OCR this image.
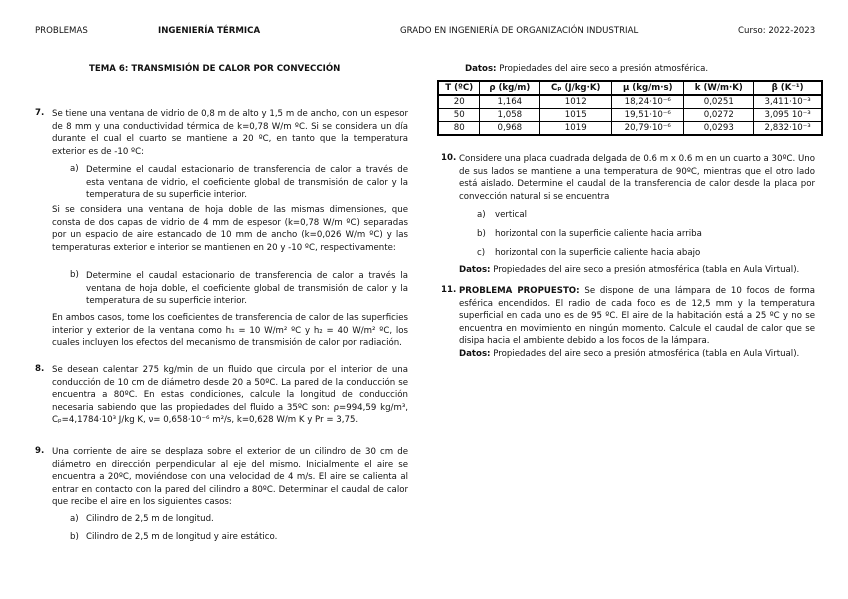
PROBLEMAS	INGENIERÍA TÉRMICA	GRADO EN INGENIERÍA DE ORGANIZACIÓN INDUSTRIAL	Curso: 2022-2023
TEMA 6: TRANSMISIÓN DE CALOR POR CONVECCIÓN
7. Se tiene una ventana de vidrio de 0,8 m de alto y 1,5 m de ancho, con un espesor de 8 mm y una conductividad térmica de k=0,78 W/m ºC. Si se considera un día durante el cual el cuarto se mantiene a 20 ºC, en tanto que la temperatura exterior es de -10 ºC:
a) Determine el caudal estacionario de transferencia de calor a través de esta ventana de vidrio, el coeficiente global de transmisión de calor y la temperatura de su superficie interior.
Si se considera una ventana de hoja doble de las mismas dimensiones, que consta de dos capas de vidrio de 4 mm de espesor (k=0,78 W/m ºC) separadas por un espacio de aire estancado de 10 mm de ancho (k=0,026 W/m ºC) y las temperaturas exterior e interior se mantienen en 20 y -10 ºC, respectivamente:
b) Determine el caudal estacionario de transferencia de calor a través la ventana de hoja doble, el coeficiente global de transmisión de calor y la temperatura de su superficie interior.
En ambos casos, tome los coeficientes de transferencia de calor de las superficies interior y exterior de la ventana como h₁ = 10 W/m² ºC y h₂ = 40 W/m² ºC, los cuales incluyen los efectos del mecanismo de transmisión de calor por radiación.
8. Se desean calentar 275 kg/min de un fluido que circula por el interior de una conducción de 10 cm de diámetro desde 20 a 50ºC. La pared de la conducción se encuentra a 80ºC. En estas condiciones, calcule la longitud de conducción necesaria sabiendo que las propiedades del fluido a 35ºC son: ρ=994,59 kg/m³, Cₚ=4,1784·10³ J/kg K, ν= 0,658·10⁻⁶ m²/s, k=0,628 W/m K y Pr = 3,75.
9. Una corriente de aire se desplaza sobre el exterior de un cilindro de 30 cm de diámetro en dirección perpendicular al eje del mismo. Inicialmente el aire se encuentra a 20ºC, moviéndose con una velocidad de 4 m/s. El aire se calienta al entrar en contacto con la pared del cilindro a 80ºC. Determinar el caudal de calor que recibe el aire en los siguientes casos:
a) Cilindro de 2,5 m de longitud.
b) Cilindro de 2,5 m de longitud y aire estático.
Datos: Propiedades del aire seco a presión atmosférica.
T (ºC)	ρ (kg/m)	Cₚ (J/kg·K)	μ (kg/m·s)	k (W/m·K)	β (K⁻¹)
20	1,164	1012	18,24·10⁻⁶	0,0251	3,411·10⁻³
50	1,058	1015	19,51·10⁻⁶	0,0272	3,095 10⁻³
80	0,968	1019	20,79·10⁻⁶	0,0293	2,832·10⁻³
10. Considere una placa cuadrada delgada de 0.6 m x 0.6 m en un cuarto a 30ºC. Uno de sus lados se mantiene a una temperatura de 90ºC, mientras que el otro lado está aislado. Determine el caudal de la transferencia de calor desde la placa por convección natural si se encuentra
a) vertical
b) horizontal con la superficie caliente hacia arriba
c) horizontal con la superficie caliente hacia abajo
Datos: Propiedades del aire seco a presión atmosférica (tabla en Aula Virtual).
11. PROBLEMA PROPUESTO: Se dispone de una lámpara de 10 focos de forma esférica encendidos. El radio de cada foco es de 12,5 mm y la temperatura superficial en cada uno es de 95 ºC. El aire de la habitación está a 25 ºC y no se encuentra en movimiento en ningún momento. Calcule el caudal de calor que se disipa hacia el ambiente debido a los focos de la lámpara.
Datos: Propiedades del aire seco a presión atmosférica (tabla en Aula Virtual).
